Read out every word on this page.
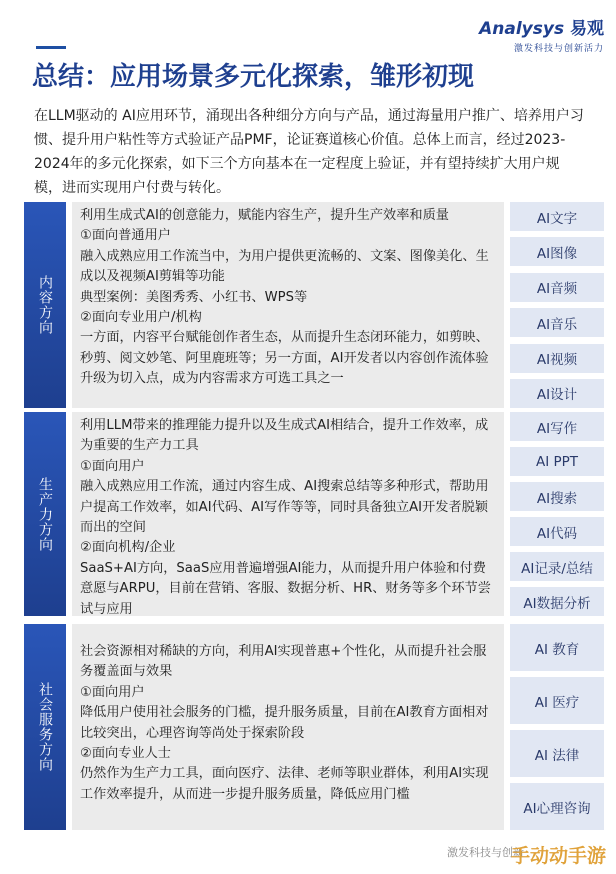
Analysys 易观
激发科技与创新活力
总结：应用场景多元化探索，雏形初现
在LLM驱动的 AI应用环节，涌现出各种细分方向与产品，通过海量用户推广、培养用户习惯、提升用户粘性等方式验证产品PMF，论证赛道核心价值。总体上而言，经过2023-2024年的多元化探索，如下三个方向基本在一定程度上验证，并有望持续扩大用户规模，进而实现用户付费与转化。
内容方向

利用生成式AI的创意能力，赋能内容生产，提升生产效率和质量

①面向普通用户

融入成熟应用工作流当中，为用户提供更流畅的、文案、图像美化、生成以及视频AI剪辑等功能

典型案例：美图秀秀、小红书、WPS等

②面向专业用户/机构

一方面，内容平台赋能创作者生态，从而提升生态闭环能力，如剪映、秒剪、阅文妙笔、阿里鹿班等；另一方面，AI开发者以内容创作流体验升级为切入点，成为内容需求方可选工具之一

AI文字
AI图像
AI音频
AI音乐
AI视频
AI设计
生产力方向

利用LLM带来的推理能力提升以及生成式AI相结合，提升工作效率，成为重要的生产力工具

①面向用户

融入成熟应用工作流，通过内容生成、AI搜索总结等多种形式，帮助用户提高工作效率，如AI代码、AI写作等等，同时具备独立AI开发者脱颖而出的空间

②面向机构/企业

SaaS+AI方向，SaaS应用普遍增强AI能力，从而提升用户体验和付费意愿与ARPU，目前在营销、客服、数据分析、HR、财务等多个环节尝试与应用

AI写作
AI PPT
AI搜索
AI代码
AI记录/总结
AI数据分析
社会服务方向

社会资源相对稀缺的方向，利用AI实现普惠+个性化，从而提升社会服务覆盖面与效果

①面向用户

降低用户使用社会服务的门槛，提升服务质量，目前在AI教育方面相对比较突出，心理咨询等尚处于探索阶段

②面向专业人士

仍然作为生产力工具，面向医疗、法律、老师等职业群体，利用AI实现工作效率提升，从而进一步提升服务质量，降低应用门槛

AI 教育
AI 医疗
AI 法律
AI心理咨询
激发科技与创新
手动动手游
